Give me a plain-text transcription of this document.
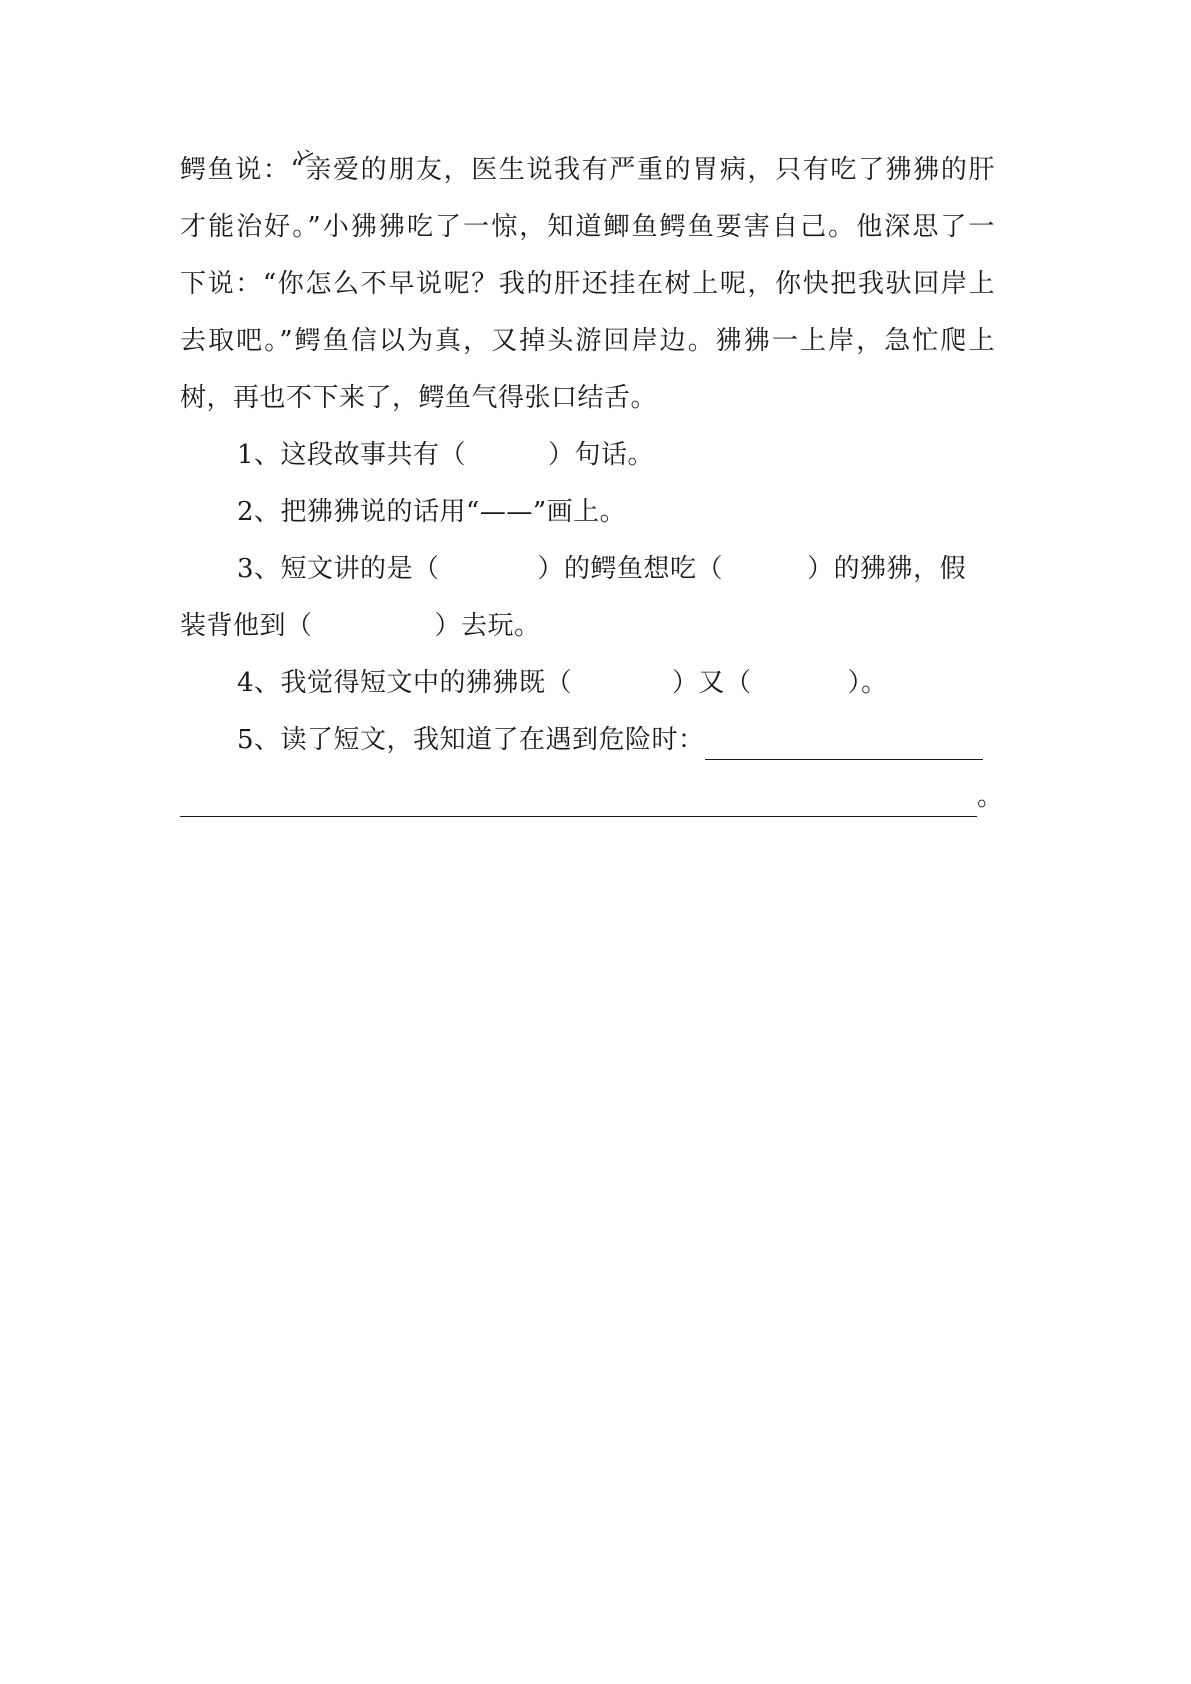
鳄鱼说：“亲爱的朋友，医生说我有严重的胃病，只有吃了狒狒的肝
才能治好。”小狒狒吃了一惊，知道鲫鱼鳄鱼要害自己。他深思了一
下说：“你怎么不早说呢？我的肝还挂在树上呢，你快把我驮回岸上
去取吧。”鳄鱼信以为真，又掉头游回岸边。狒狒一上岸，急忙爬上
树，再也不下来了，鳄鱼气得张口结舌。
1、这段故事共有（	）句话。
2、把狒狒说的话用“——”画上。
3、短文讲的是（	）的鳄鱼想吃（	）的狒狒，假
装背他到（	）去玩。
4、我觉得短文中的狒狒既（	）又（	）。
5、读了短文，我知道了在遇到危险时：
。
